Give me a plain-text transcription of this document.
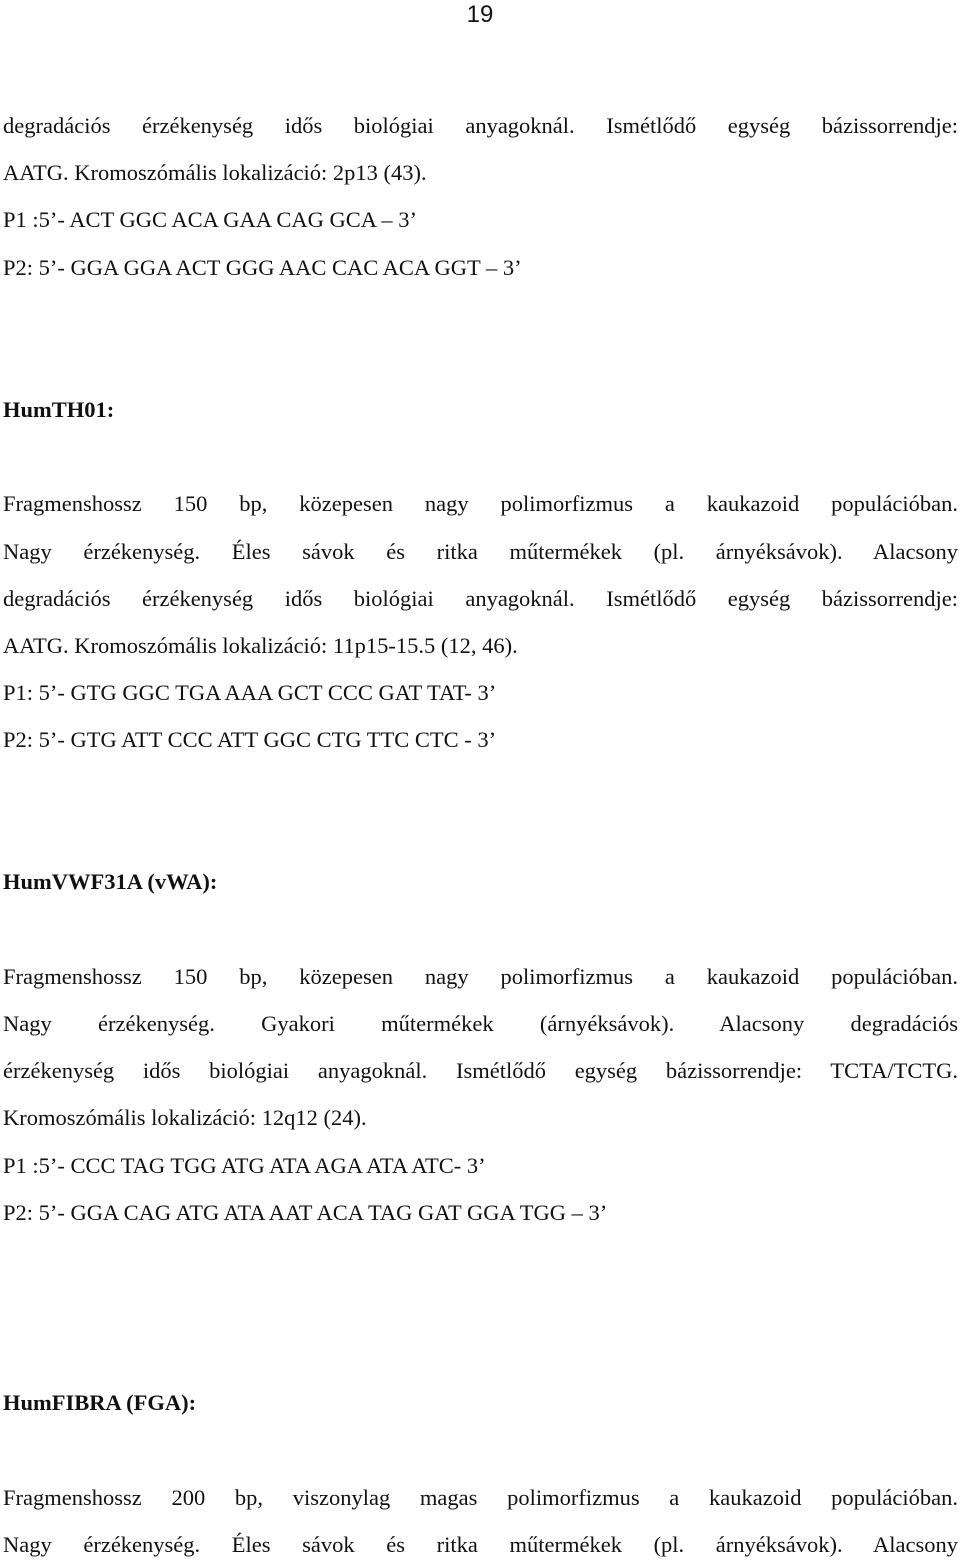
19
degradációs érzékenység idős biológiai anyagoknál. Ismétlődő egység bázissorrendje:
AATG. Kromoszómális lokalizáció: 2p13 (43).
P1 :5’- ACT GGC ACA GAA CAG GCA – 3’
P2: 5’- GGA GGA ACT GGG AAC CAC ACA GGT – 3’
HumTH01:
Fragmenshossz 150 bp, közepesen nagy polimorfizmus a kaukazoid populációban.
Nagy érzékenység. Éles sávok és ritka műtermékek (pl. árnyéksávok). Alacsony
degradációs érzékenység idős biológiai anyagoknál. Ismétlődő egység bázissorrendje:
AATG. Kromoszómális lokalizáció: 11p15-15.5 (12, 46).
P1: 5’- GTG GGC TGA AAA GCT CCC GAT TAT- 3’
P2: 5’- GTG ATT CCC ATT GGC CTG TTC CTC - 3’
HumVWF31A (vWA):
Fragmenshossz 150 bp, közepesen nagy polimorfizmus a kaukazoid populációban.
Nagy érzékenység. Gyakori műtermékek (árnyéksávok). Alacsony degradációs
érzékenység idős biológiai anyagoknál. Ismétlődő egység bázissorrendje: TCTA/TCTG.
Kromoszómális lokalizáció: 12q12 (24).
P1 :5’- CCC TAG TGG ATG ATA AGA ATA ATC- 3’
P2: 5’- GGA CAG ATG ATA AAT ACA TAG GAT GGA TGG – 3’
HumFIBRA (FGA):
Fragmenshossz 200 bp, viszonylag magas polimorfizmus a kaukazoid populációban.
Nagy érzékenység. Éles sávok és ritka műtermékek (pl. árnyéksávok). Alacsony
